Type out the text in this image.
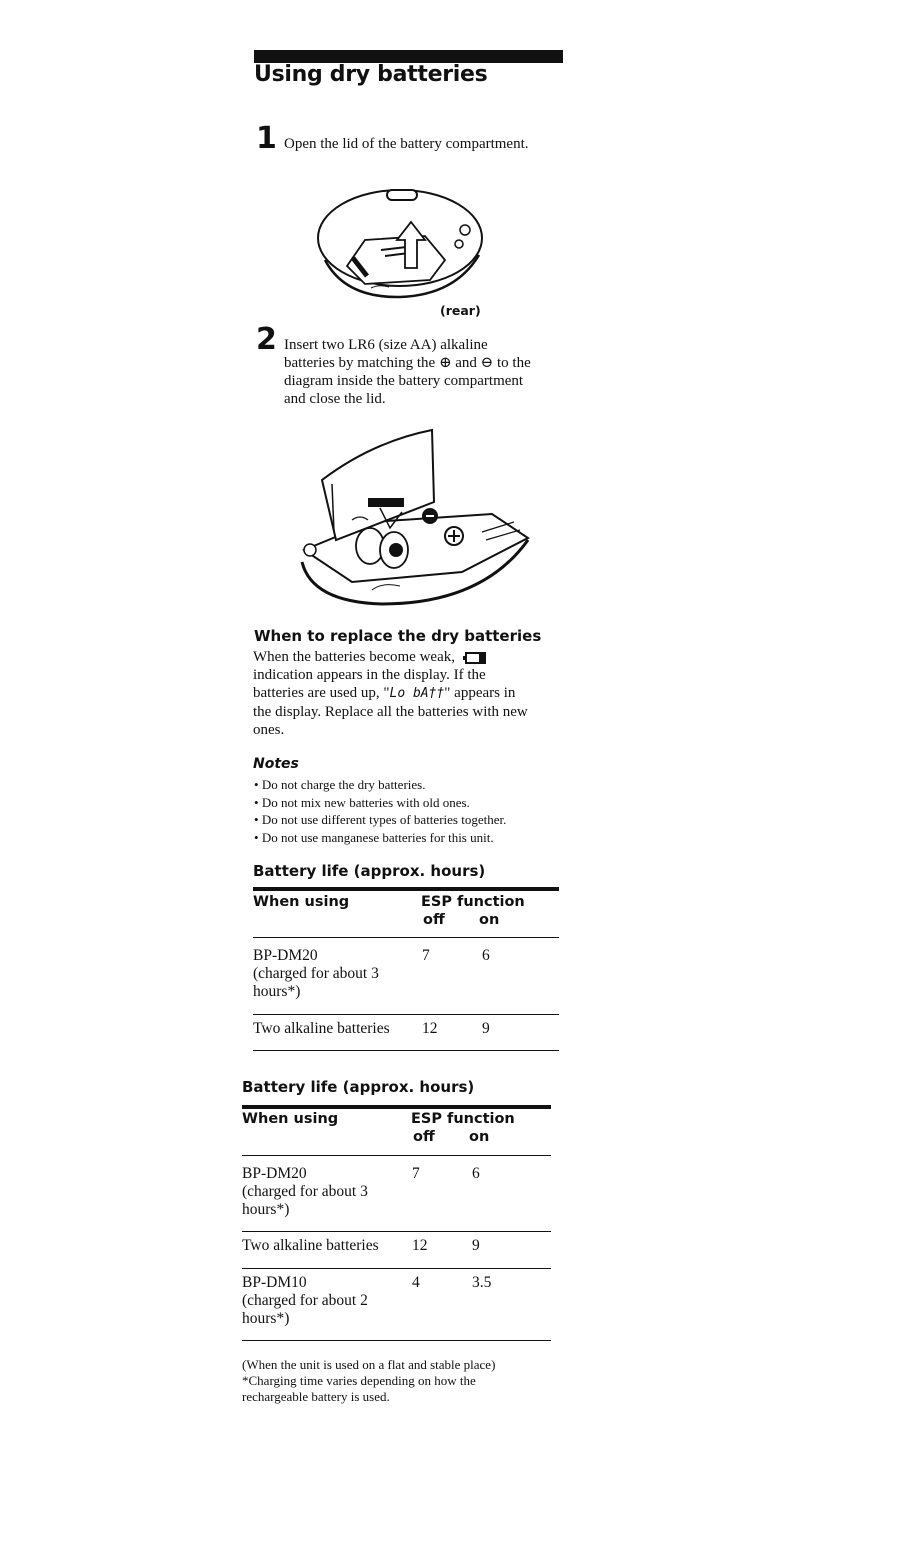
Using dry batteries
1 Open the lid of the battery compartment.
(rear)
2 Insert two LR6 (size AA) alkaline
batteries by matching the ⊕ and ⊖ to the
diagram inside the battery compartment
and close the lid.
When to replace the dry batteries
When the batteries become weak,
indication appears in the display. If the
batteries are used up, "Lo bA††" appears in
the display. Replace all the batteries with new
ones.
Notes
• Do not charge the dry batteries.
• Do not mix new batteries with old ones.
• Do not use different types of batteries together.
• Do not use manganese batteries for this unit.
Battery life (approx. hours)
When using	ESP function
off on
BP-DM20
(charged for about 3
hours*)
7	6
Two alkaline batteries 12	9
Battery life (approx. hours)
When using	ESP function
off on
BP-DM20
(charged for about 3
hours*)
7	6
Two alkaline batteries 12	9
BP-DM10
(charged for about 2
hours*)
4	3.5
(When the unit is used on a flat and stable place)
*Charging time varies depending on how the
rechargeable battery is used.
